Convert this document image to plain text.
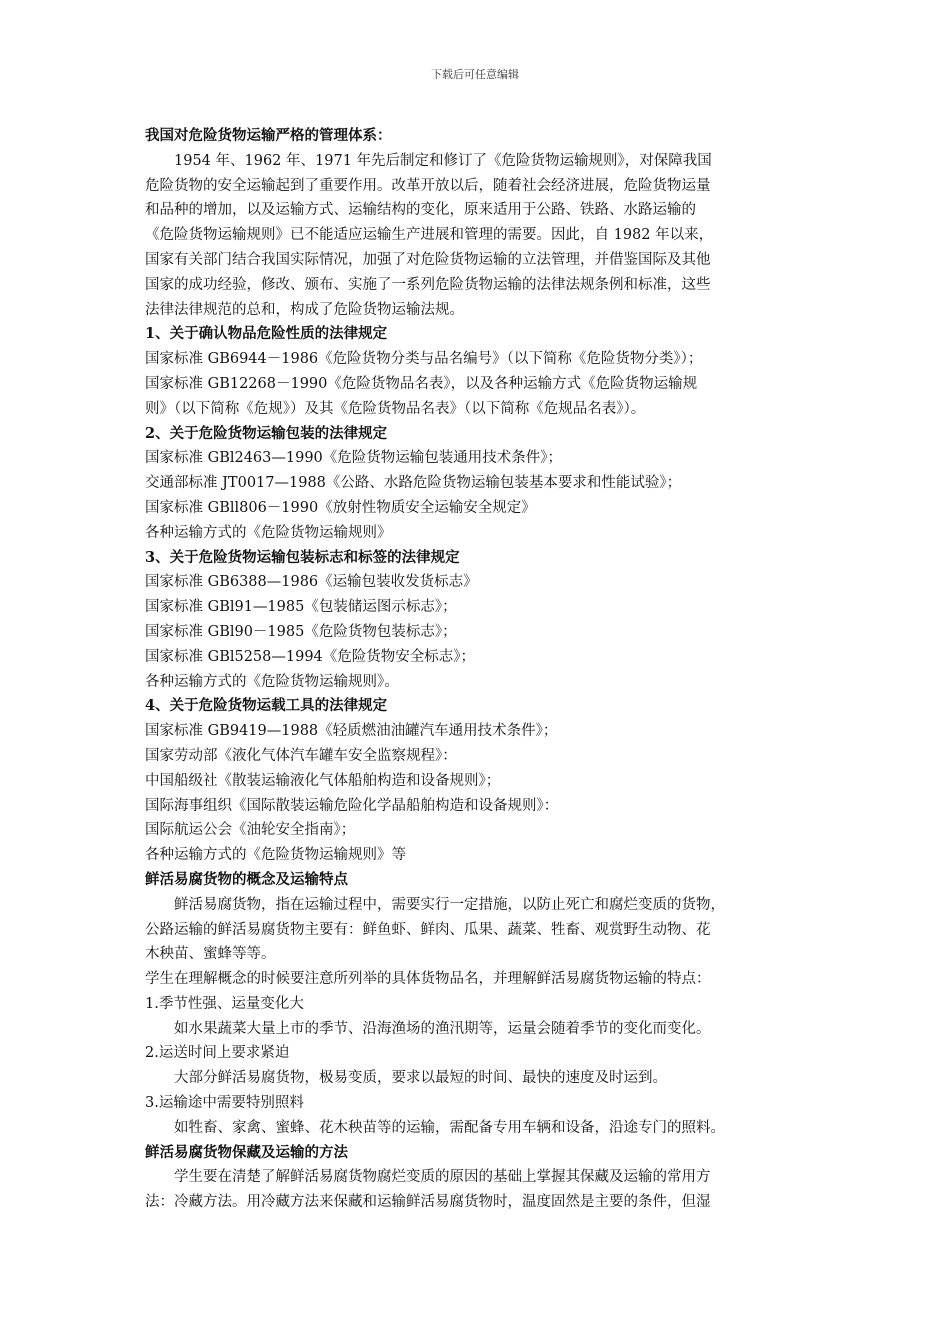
下载后可任意编辑
我国对危险货物运输严格的管理体系：
1954 年、1962 年、1971 年先后制定和修订了《危险货物运输规则》，对保障我国
危险货物的安全运输起到了重要作用。改革开放以后，随着社会经济进展，危险货物运量
和品种的增加，以及运输方式、运输结构的变化，原来适用于公路、铁路、水路运输的
《危险货物运输规则》已不能适应运输生产进展和管理的需要。因此，自 1982 年以来，
国家有关部门结合我国实际情况，加强了对危险货物运输的立法管理，并借鉴国际及其他
国家的成功经验，修改、颁布、实施了一系列危险货物运输的法律法规条例和标准，这些
法律法律规范的总和，构成了危险货物运输法规。
1、关于确认物品危险性质的法律规定
国家标准 GB6944－1986《危险货物分类与品名编号》（以下简称《危险货物分类》）；
国家标准 GB12268－1990《危险货物品名表》，以及各种运输方式《危险货物运输规
则》（以下简称《危规》）及其《危险货物品名表》（以下简称《危规品名表》）。
2、关于危险货物运输包装的法律规定
国家标准 GBl2463—1990《危险货物运输包装通用技术条件》；
交通部标准 JT0017—1988《公路、水路危险货物运输包装基本要求和性能试验》；
国家标准 GBll806－1990《放射性物质安全运输安全规定》
各种运输方式的《危险货物运输规则》
3、关于危险货物运输包装标志和标签的法律规定
国家标准 GB6388—1986《运输包装收发货标志》
国家标准 GBl91—1985《包装储运图示标志》；
国家标准 GBl90－1985《危险货物包装标志》；
国家标准 GBl5258—1994《危险货物安全标志》；
各种运输方式的《危险货物运输规则》。
4、关于危险货物运载工具的法律规定
国家标准 GB9419—1988《轻质燃油油罐汽车通用技术条件》；
国家劳动部《液化气体汽车罐车安全监察规程》：
中国船级社《散装运输液化气体船舶构造和设备规则》；
国际海事组织《国际散装运输危险化学晶船舶构造和设备规则》：
国际航运公会《油轮安全指南》；
各种运输方式的《危险货物运输规则》等
鲜活易腐货物的概念及运输特点
鲜活易腐货物，指在运输过程中，需要实行一定措施，以防止死亡和腐烂变质的货物，
公路运输的鲜活易腐货物主要有：鲜鱼虾、鲜肉、瓜果、蔬菜、牲畜、观赏野生动物、花
木秧苗、蜜蜂等等。
学生在理解概念的时候要注意所列举的具体货物品名，并理解鲜活易腐货物运输的特点：
1.季节性强、运量变化大
如水果蔬菜大量上市的季节、沿海渔场的渔汛期等，运量会随着季节的变化而变化。
2.运送时间上要求紧迫
大部分鲜活易腐货物，极易变质，要求以最短的时间、最快的速度及时运到。
3.运输途中需要特别照料
如牲畜、家禽、蜜蜂、花木秧苗等的运输，需配备专用车辆和设备，沿途专门的照料。
鲜活易腐货物保藏及运输的方法
学生要在清楚了解鲜活易腐货物腐烂变质的原因的基础上掌握其保藏及运输的常用方
法：冷藏方法。用冷藏方法来保藏和运输鲜活易腐货物时，温度固然是主要的条件，但湿
